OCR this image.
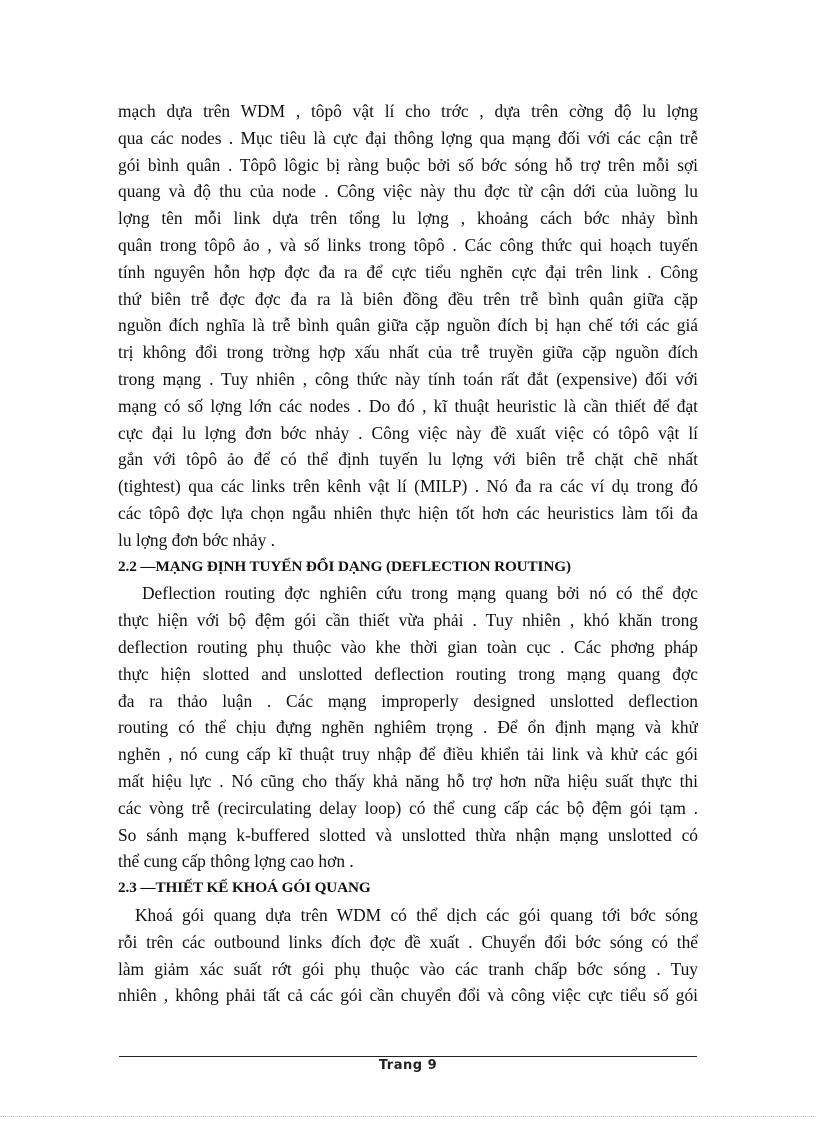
mạch dựa trên WDM , tôpô vật lí cho trớc , dựa trên cờng độ lu lợng
qua các nodes . Mục tiêu là cực đại thông lợng qua mạng đối với các cận trễ
gói bình quân . Tôpô lôgic bị ràng buộc bởi số bớc sóng hỗ trợ trên mỗi sợi
quang và độ thu của node . Công việc này thu đợc từ cận dới của luồng lu
lợng tên mỗi link dựa trên tổng lu lợng , khoảng cách bớc nhảy bình
quân trong tôpô ảo , và số links trong tôpô . Các công thức qui hoạch tuyến
tính nguyên hỗn hợp đợc đa ra để cực tiểu nghẽn cực đại trên link . Công
thứ biên trễ đợc đợc đa ra là biên đồng đều trên trễ bình quân giữa cặp
nguồn đích nghĩa là trễ bình quân giữa cặp nguồn đích bị hạn chế tới các giá
trị không đổi trong trờng hợp xấu nhất của trễ truyền giữa cặp nguồn đích
trong mạng . Tuy nhiên , công thức này tính toán rất đắt (expensive) đối với
mạng có số lợng lớn các nodes . Do đó , kĩ thuật heuristic là cần thiết để đạt
cực đại lu lợng đơn bớc nhảy . Công việc này đề xuất việc có tôpô vật lí
gắn với tôpô ảo để có thể định tuyến lu lợng với biên trễ chặt chẽ nhất
(tightest) qua các links trên kênh vật lí (MILP) . Nó đa ra các ví dụ trong đó
các tôpô đợc lựa chọn ngẫu nhiên thực hiện tốt hơn các heuristics làm tối đa
lu lợng đơn bớc nhảy .
2.2 —MẠNG ĐỊNH TUYẾN ĐỔI DẠNG (DEFLECTION ROUTING)
Deflection routing đợc nghiên cứu trong mạng quang bởi nó có thể đợc
thực hiện với bộ đệm gói cần thiết vừa phải . Tuy nhiên , khó khăn trong
deflection routing phụ thuộc vào khe thời gian toàn cục . Các phơng pháp
thực hiện slotted and unslotted deflection routing trong mạng quang đợc
đa ra thảo luận . Các mạng improperly designed unslotted deflection
routing có thể chịu đựng nghẽn nghiêm trọng . Để ổn định mạng và khử
nghẽn , nó cung cấp kĩ thuật truy nhập để điều khiển tải link và khử các gói
mất hiệu lực . Nó cũng cho thấy khả năng hỗ trợ hơn nữa hiệu suất thực thi
các vòng trễ (recirculating delay loop) có thể cung cấp các bộ đệm gói tạm .
So sánh mạng k-buffered slotted và unslotted thừa nhận mạng unslotted có
thể cung cấp thông lợng cao hơn .
2.3 —THIẾT KẾ KHOÁ GÓI QUANG
Khoá gói quang dựa trên WDM có thể dịch các gói quang tới bớc sóng
rỗi trên các outbound links đích đợc đề xuất . Chuyển đổi bớc sóng có thể
làm giảm xác suất rớt gói phụ thuộc vào các tranh chấp bớc sóng . Tuy
nhiên , không phải tất cả các gói cần chuyển đổi và công việc cực tiểu số gói
Trang 9
